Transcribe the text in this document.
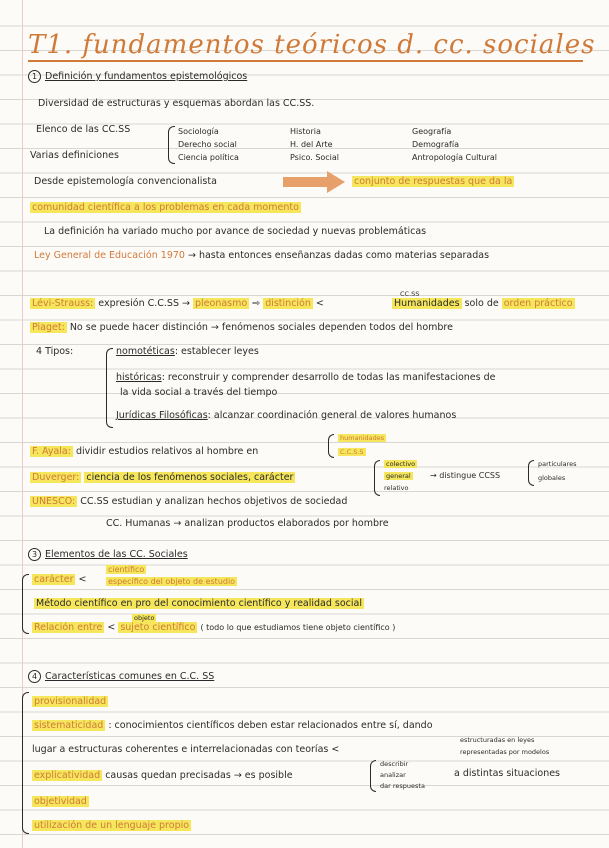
T1. fundamentos teóricos d. cc. sociales
1 Definición y fundamentos epistemológicos
Diversidad de estructuras y esquemas abordan las CC.SS.
Elenco de las CC.SS
Varias definiciones
Sociología
Derecho social
Ciencia política
Historia
H. del Arte
Psico. Social
Geografía
Demografía
Antropología Cultural
Desde epistemología convencionalista	conjunto de respuestas que da la
comunidad científica a los problemas en cada momento
La definición ha variado mucho por avance de sociedad y nuevas problemáticas
Ley General de Educación 1970 → hasta entonces enseñanzas dadas como materias separadas
Lévi-Strauss: expresión C.C.SS → pleonasmo ⇨ distinción <
CC.SS
Humanidades solo de orden práctico
Piaget: No se puede hacer distinción → fenómenos sociales dependen todos del hombre
4 Tipos:	nomotéticas: establecer leyes
históricas: reconstruir y comprender desarrollo de todas las manifestaciones de
la vida social a través del tiempo
Jurídicas Filosóficas: alcanzar coordinación general de valores humanos
F. Ayala: dividir estudios relativos al hombre en
humanidades
C.C.S.S
Duverger: ciencia de los fenómenos sociales, carácter
colectivo
general
relativo
→ distingue CCSS
particulares
globales
UNESCO: CC.SS estudian y analizan hechos objetivos de sociedad
CC. Humanas → analizan productos elaborados por hombre
3 Elementos de las CC. Sociales
carácter <
científico
específico del objeto de estudio
Método científico en pro del conocimiento científico y realidad social
objeto
Relación entre < sujeto científico ( todo lo que estudiamos tiene objeto científico )
4 Características comunes en C.C. SS
provisionalidad
sistematicidad : conocimientos científicos deben estar relacionados entre sí, dando
lugar a estructuras coherentes e interrelacionadas con teorías <
estructuradas en leyes
representadas por modelos
explicatividad causas quedan precisadas → es posible
describir
analizar
dar respuesta
a distintas situaciones
objetividad
utilización de un lenguaje propio
